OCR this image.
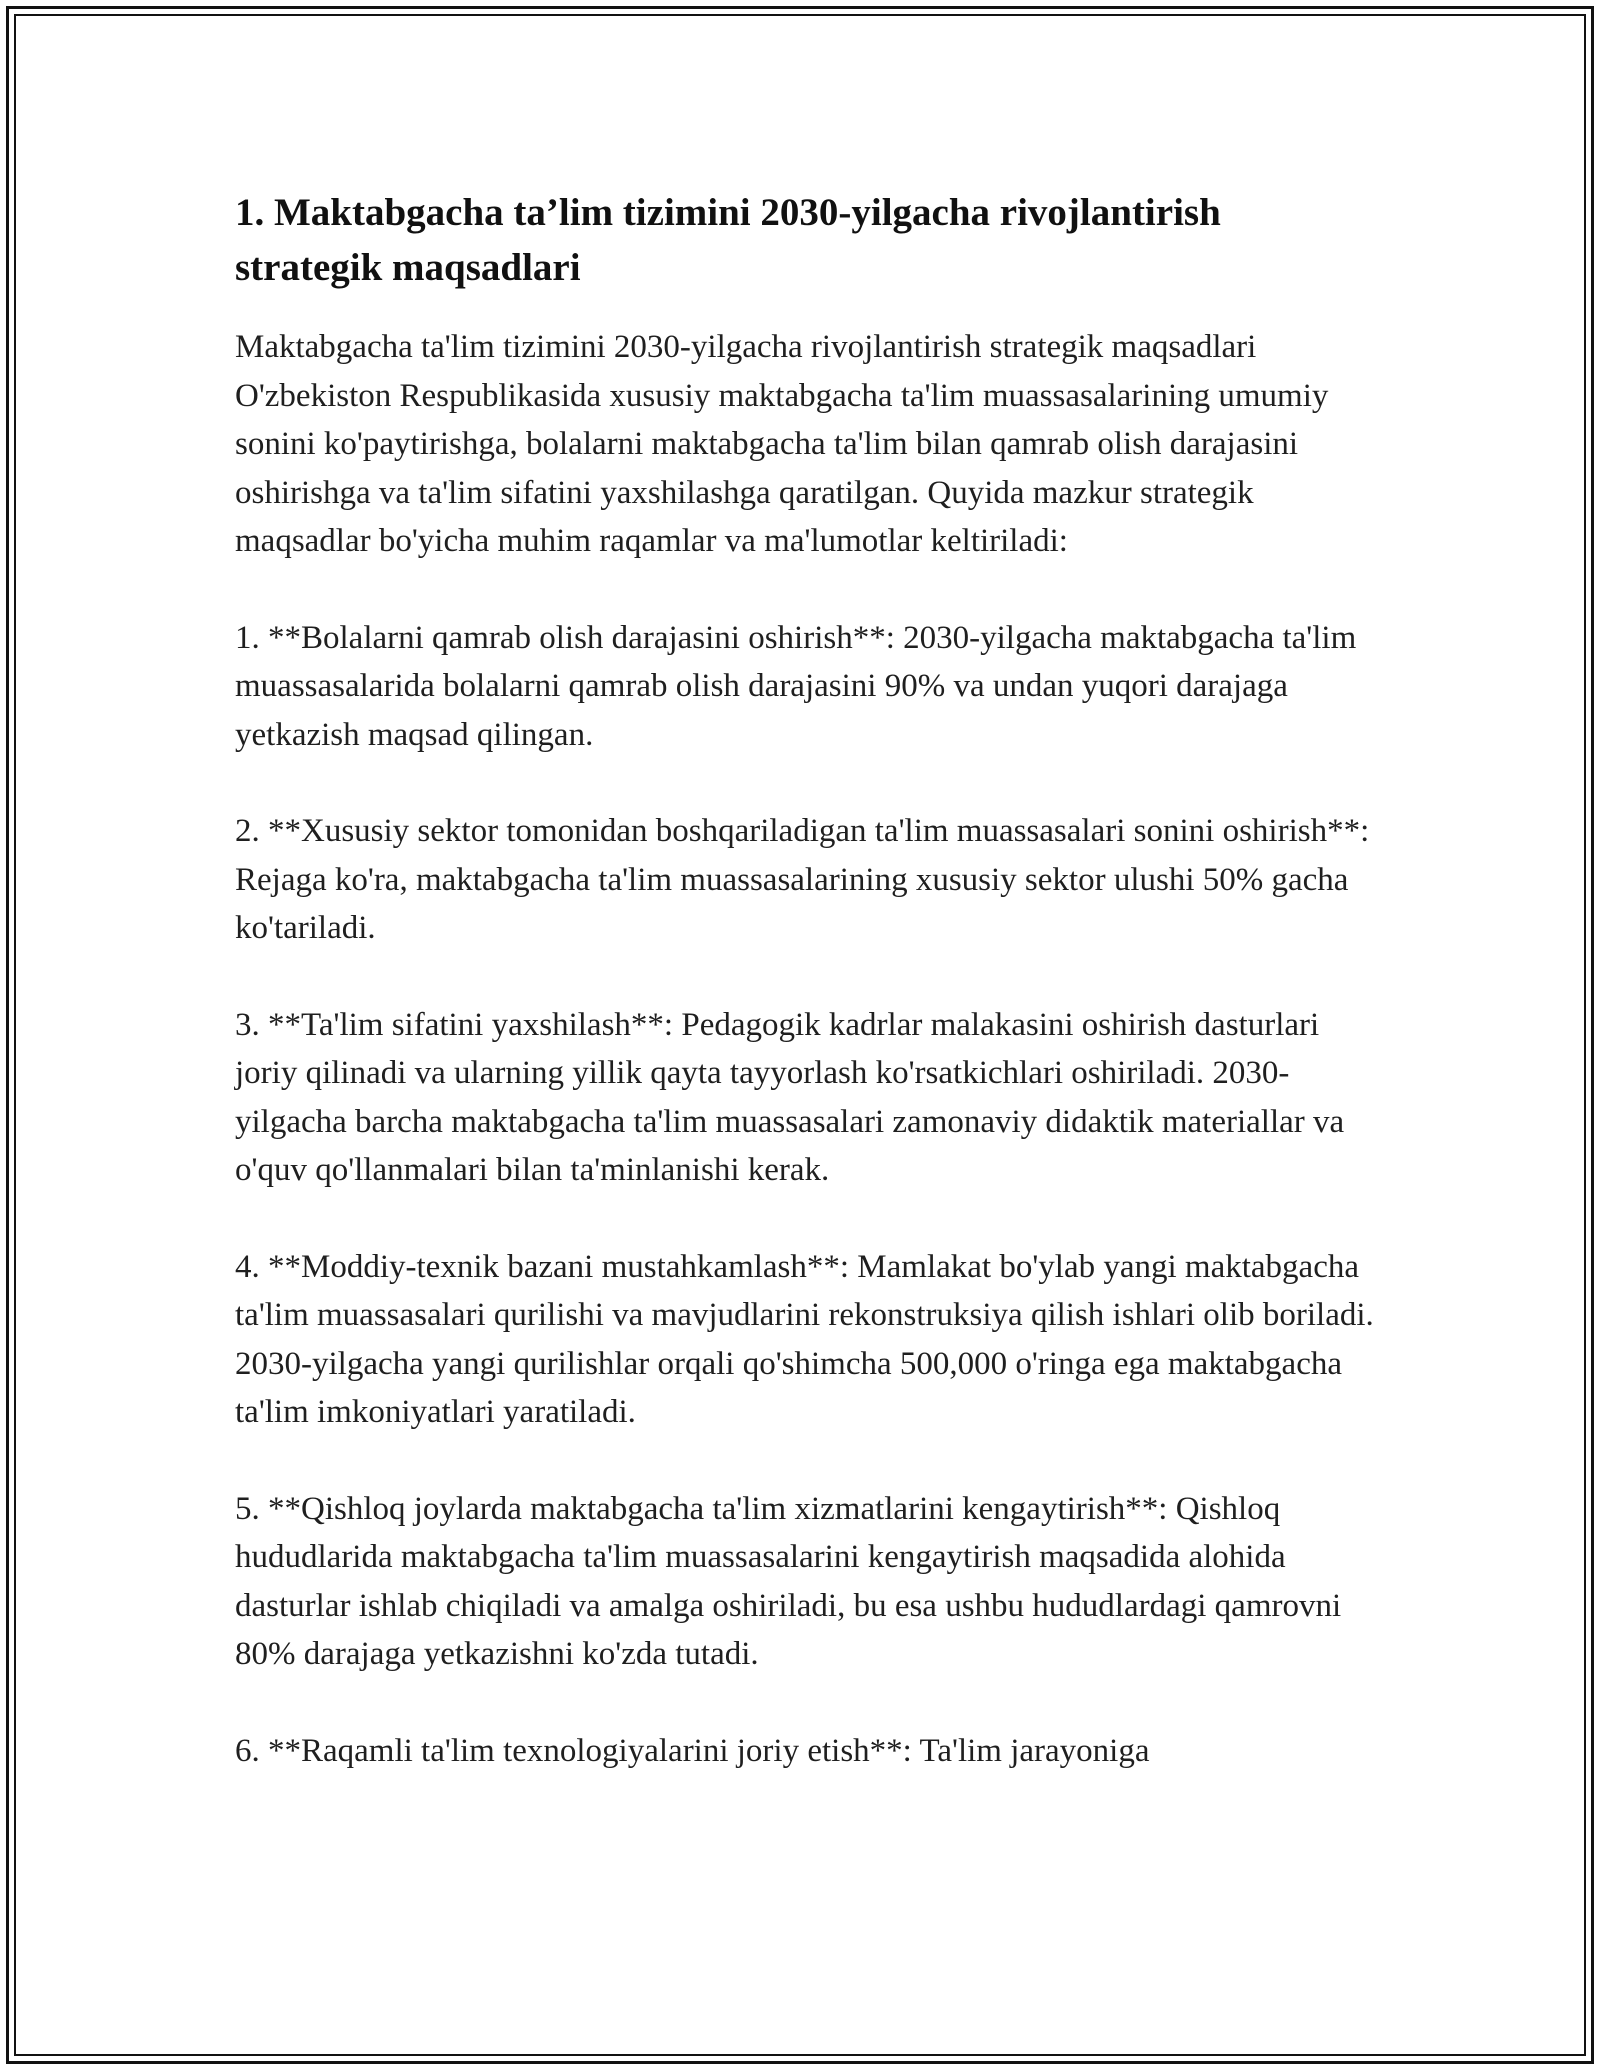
1. Maktabgacha ta’lim tizimini 2030-yilgacha rivojlantirish strategik maqsadlari

Maktabgacha ta'lim tizimini 2030-yilgacha rivojlantirish strategik maqsadlari O'zbekiston Respublikasida xususiy maktabgacha ta'lim muassasalarining umumiy sonini ko'paytirishga, bolalarni maktabgacha ta'lim bilan qamrab olish darajasini oshirishga va ta'lim sifatini yaxshilashga qaratilgan. Quyida mazkur strategik maqsadlar bo'yicha muhim raqamlar va ma'lumotlar keltiriladi:

1. **Bolalarni qamrab olish darajasini oshirish**: 2030-yilgacha maktabgacha ta'lim muassasalarida bolalarni qamrab olish darajasini 90% va undan yuqori darajaga yetkazish maqsad qilingan.

2. **Xususiy sektor tomonidan boshqariladigan ta'lim muassasalari sonini oshirish**: Rejaga ko'ra, maktabgacha ta'lim muassasalarining xususiy sektor ulushi 50% gacha ko'tariladi.

3. **Ta'lim sifatini yaxshilash**: Pedagogik kadrlar malakasini oshirish dasturlari joriy qilinadi va ularning yillik qayta tayyorlash ko'rsatkichlari oshiriladi. 2030-yilgacha barcha maktabgacha ta'lim muassasalari zamonaviy didaktik materiallar va o'quv qo'llanmalari bilan ta'minlanishi kerak.

4. **Moddiy-texnik bazani mustahkamlash**: Mamlakat bo'ylab yangi maktabgacha ta'lim muassasalari qurilishi va mavjudlarini rekonstruksiya qilish ishlari olib boriladi. 2030-yilgacha yangi qurilishlar orqali qo'shimcha 500,000 o'ringa ega maktabgacha ta'lim imkoniyatlari yaratiladi.

5. **Qishloq joylarda maktabgacha ta'lim xizmatlarini kengaytirish**: Qishloq hududlarida maktabgacha ta'lim muassasalarini kengaytirish maqsadida alohida dasturlar ishlab chiqiladi va amalga oshiriladi, bu esa ushbu hududlardagi qamrovni 80% darajaga yetkazishni ko'zda tutadi.

6. **Raqamli ta'lim texnologiyalarini joriy etish**: Ta'lim jarayoniga
